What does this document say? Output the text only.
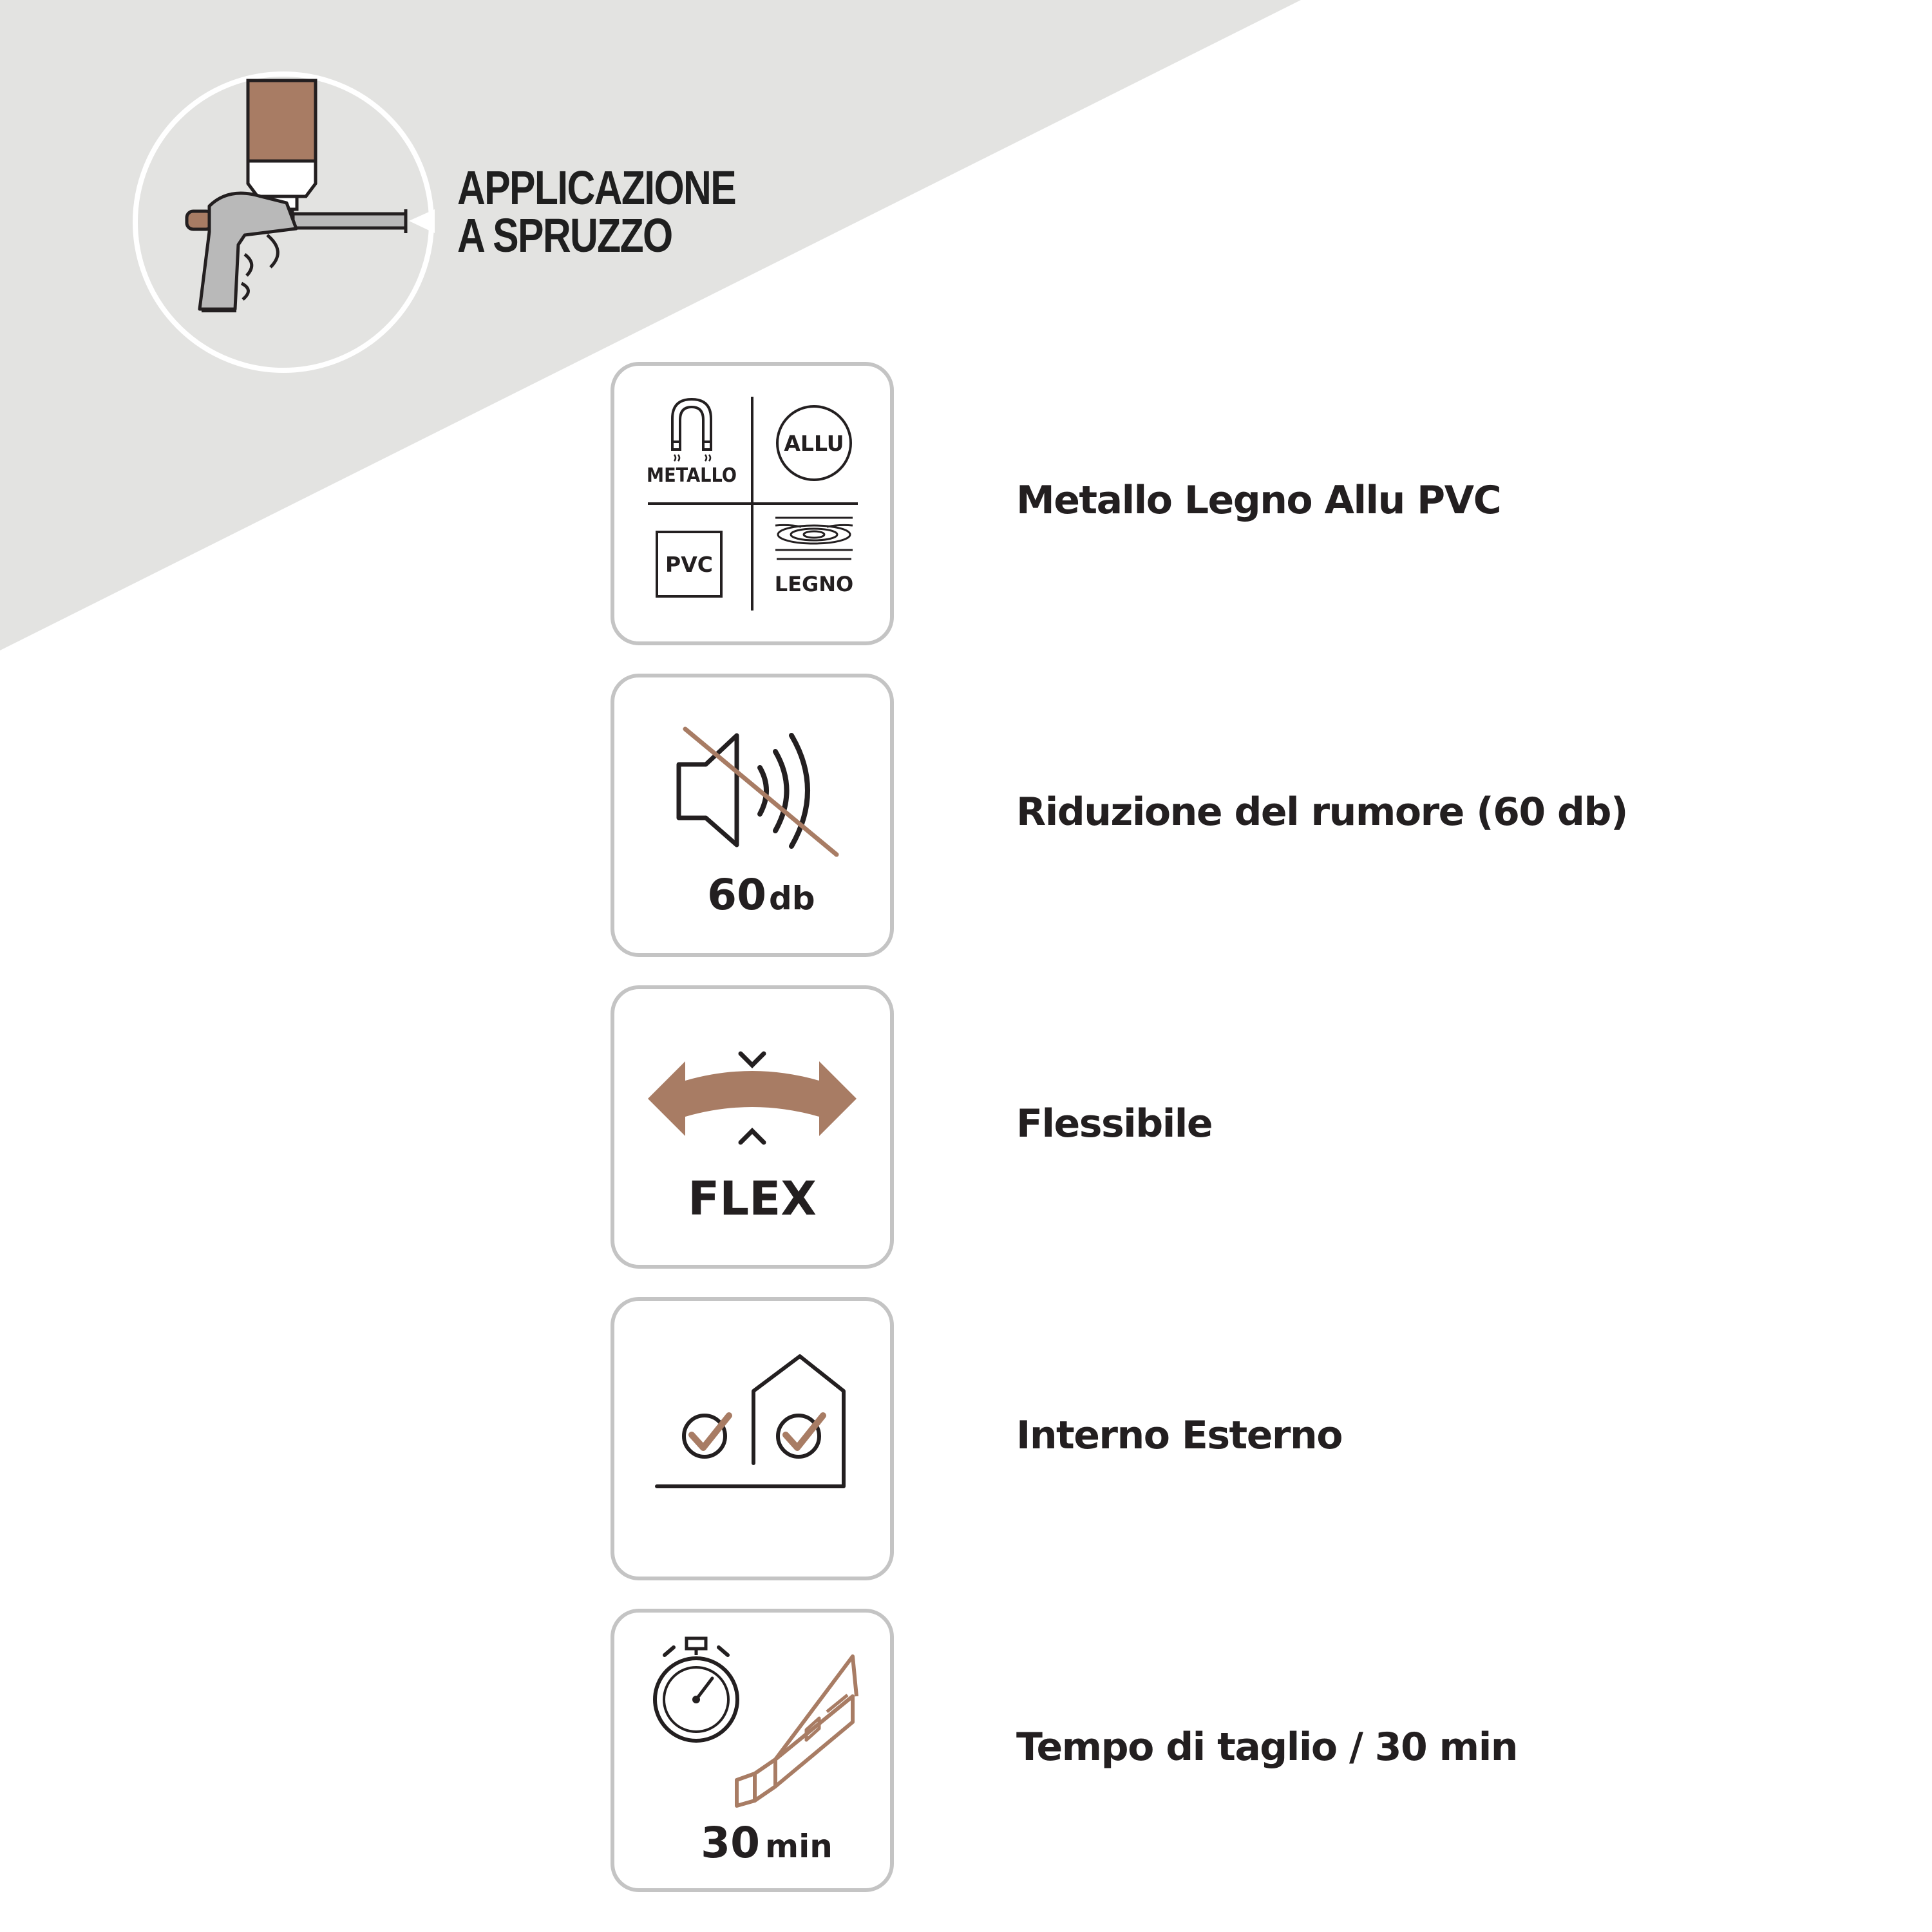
APPLICAZIONE
A SPRUZZO
METALLO
ALLU
PVC
LEGNO
Metallo Legno Allu PVC
60 db
Riduzione del rumore (60 db)
FLEX
Flessibile
Interno Esterno
30 min
Tempo di taglio / 30 min
